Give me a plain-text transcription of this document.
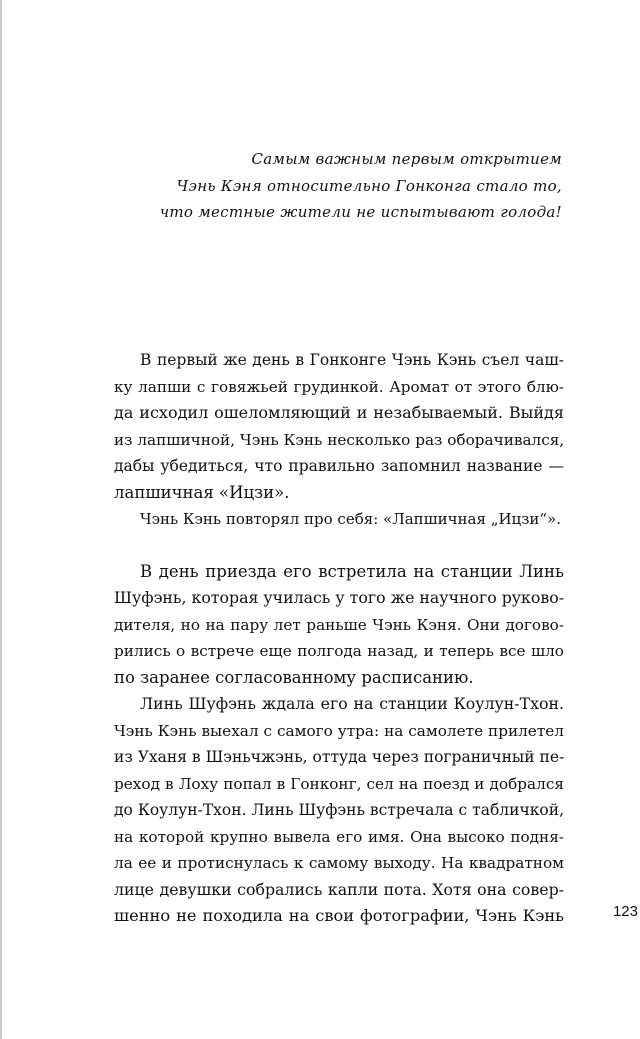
Самым важным первым открытием
Чэнь Кэня относительно Гонконга стало то,
что местные жители не испытывают голода!
В первый же день в Гонконге Чэнь Кэнь съел чаш-
ку лапши с говяжьей грудинкой. Аромат от этого блю-
да исходил ошеломляющий и незабываемый. Выйдя
из лапшичной, Чэнь Кэнь несколько раз оборачивался,
дабы убедиться, что правильно запомнил название —
лапшичная «Ицзи».
Чэнь Кэнь повторял про себя: «Лапшичная „Ицзи“».
В день приезда его встретила на станции Линь
Шуфэнь, которая училась у того же научного руково-
дителя, но на пару лет раньше Чэнь Кэня. Они догово-
рились о встрече еще полгода назад, и теперь все шло
по заранее согласованному расписанию.
Линь Шуфэнь ждала его на станции Коулун-Тхон.
Чэнь Кэнь выехал с самого утра: на самолете прилетел
из Уханя в Шэньчжэнь, оттуда через пограничный пе-
реход в Лоху попал в Гонконг, сел на поезд и добрался
до Коулун-Тхон. Линь Шуфэнь встречала с табличкой,
на которой крупно вывела его имя. Она высоко подня-
ла ее и протиснулась к самому выходу. На квадратном
лице девушки собрались капли пота. Хотя она совер-
шенно не походила на свои фотографии, Чэнь Кэнь	123
